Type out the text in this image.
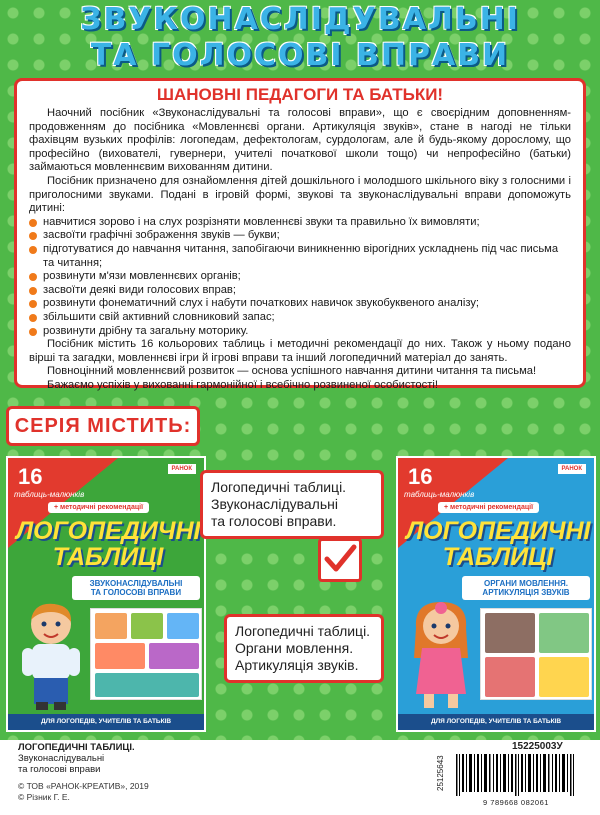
ЗВУКОНАСЛІДУВАЛЬНІ
ТА ГОЛОСОВІ ВПРАВИ
ШАНОВНІ ПЕДАГОГИ ТА БАТЬКИ!

Наочний посібник «Звуконаслідувальні та голосові вправи», що є своєрідним доповненням-продовженням до посібника «Мовленнєві органи. Артикуляція звуків», стане в нагоді не тільки фахівцям вузьких профілів: логопедам, дефектологам, сурдологам, але й будь-якому дорослому, що професійно (вихователі, гувернери, учителі початкової школи тощо) чи непрофесійно (батьки) займаються мовленнєвим вихованням дитини.

Посібник призначено для ознайомлення дітей дошкільного і молодшого шкільного віку з голосними і приголосними звуками. Подані в ігровій формі, звукові та звуконаслідувальні вправи допоможуть дитині:

навчитися зорово і на слух розрізняти мовленнєві звуки та правильно їх вимовляти;
засвоїти графічні зображення звуків — букви;
підготуватися до навчання читання, запобігаючи виникненню вірогідних ускладнень під час письма та читання;
розвинути м'язи мовленнєвих органів;
засвоїти деякі види голосових вправ;
розвинути фонематичний слух і набути початкових навичок звукобуквеного аналізу;
збільшити свій активний словниковий запас;
розвинути дрібну та загальну моторику.

Посібник містить 16 кольорових таблиць і методичні рекомендації до них. Також у ньому подано вірші та загадки, мовленнєві ігри й ігрові вправи та інший логопедичний матеріал до занять.

Повноцінний мовленнєвий розвиток — основа успішного навчання дитини читання та письма!

Бажаємо успіхів у вихованні гармонійної і всебічно розвиненої особистості!

СЕРІЯ МІСТИТЬ:
16
таблиць-малюнків
РАНОК
+ методичні рекомендації
ЛОГОПЕДИЧНІ
ТАБЛИЦІ
ЗВУКОНАСЛІДУВАЛЬНІ
ТА ГОЛОСОВІ ВПРАВИ
ДЛЯ ЛОГОПЕДІВ, УЧИТЕЛІВ ТА БАТЬКІВ
16
таблиць-малюнків
РАНОК
+ методичні рекомендації
ЛОГОПЕДИЧНІ
ТАБЛИЦІ
ОРГАНИ МОВЛЕННЯ.
АРТИКУЛЯЦІЯ ЗВУКІВ
ДЛЯ ЛОГОПЕДІВ, УЧИТЕЛІВ ТА БАТЬКІВ
Логопедичні таблиці.
Звуконаслідувальні
та голосові вправи.
Логопедичні таблиці.
Органи мовлення.
Артикуляція звуків.
ЛОГОПЕДИЧНІ ТАБЛИЦІ.
Звуконаслідувальні
та голосові вправи
© ТОВ «РАНОК-КРЕАТИВ», 2019
© Різник Г. Е.
25125643
15225003У
9 789668 082061
